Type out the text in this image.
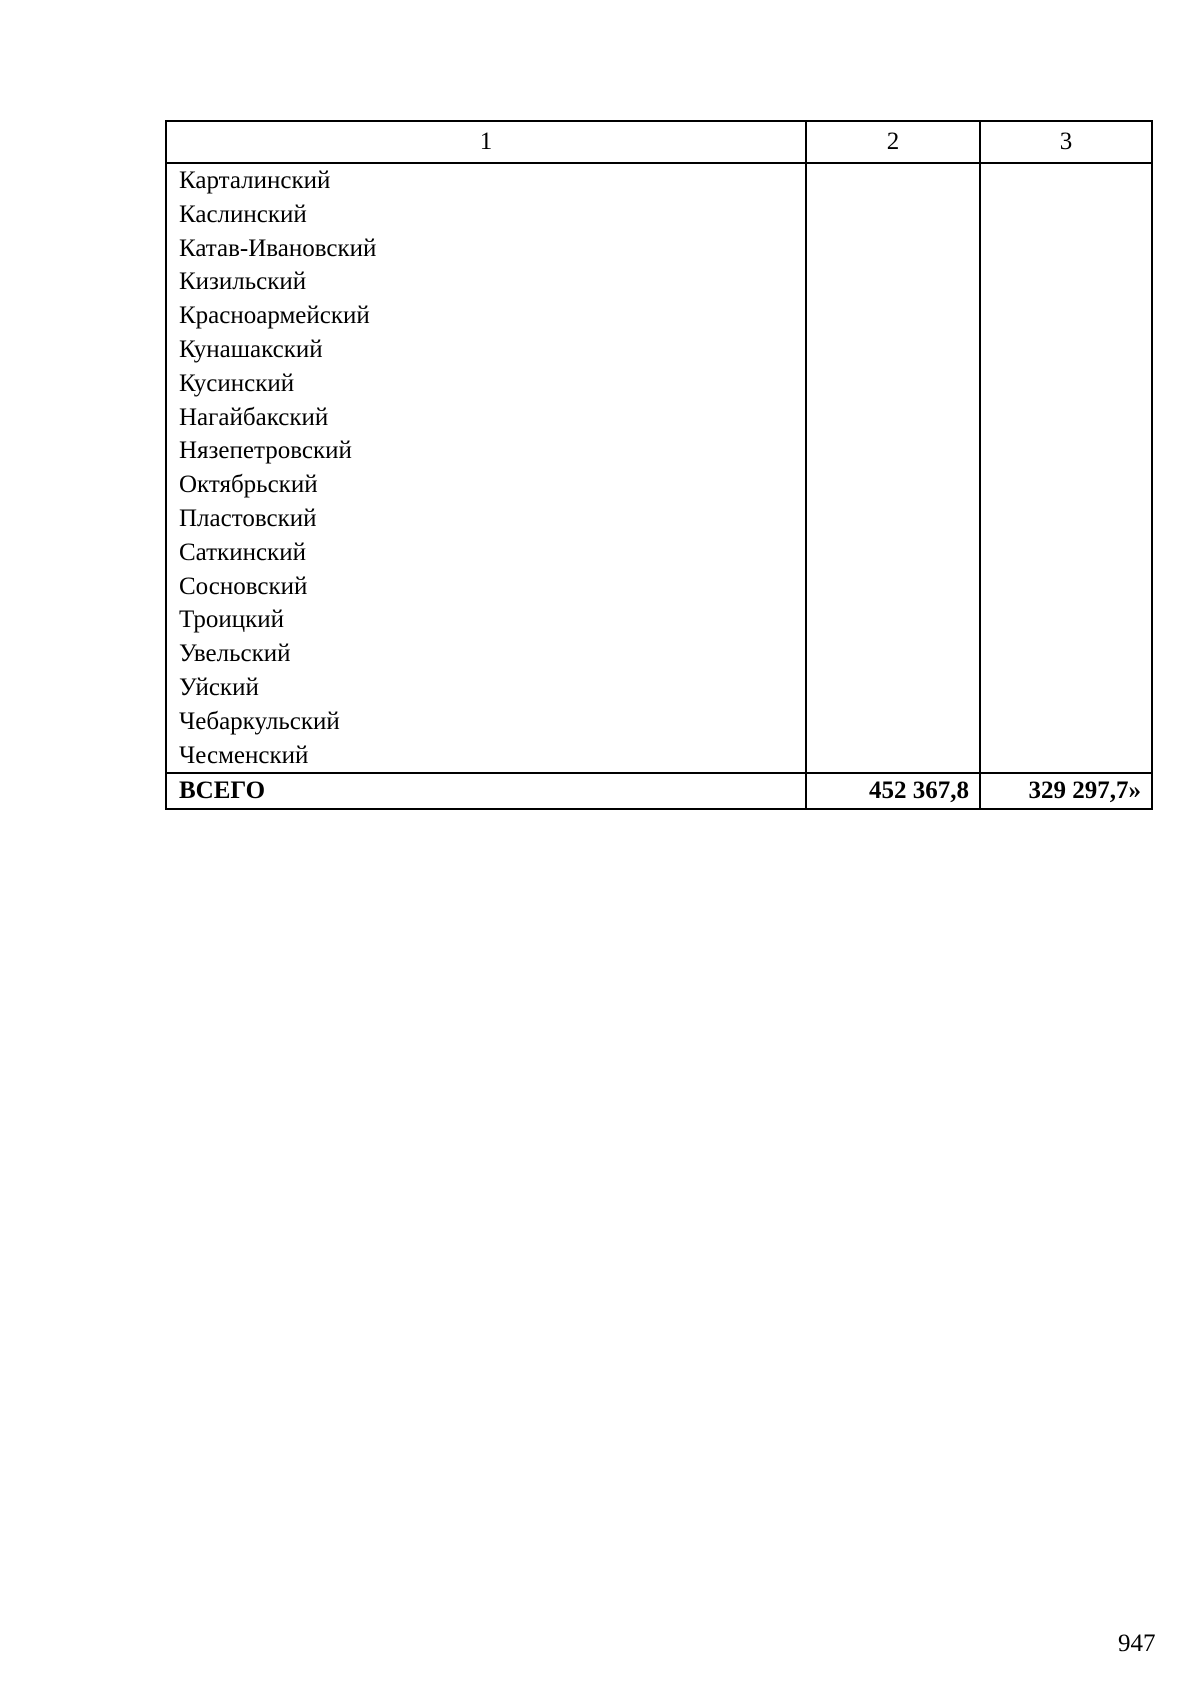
1	2	3
Карталинский		
Каслинский		
Катав-Ивановский		
Кизильский		
Красноармейский		
Кунашакский		
Кусинский		
Нагайбакский		
Нязепетровский		
Октябрьский		
Пластовский		
Саткинский		
Сосновский		
Троицкий		
Увельский		
Уйский		
Чебаркульский		
Чесменский		
ВСЕГО	452 367,8	329 297,7»
947
